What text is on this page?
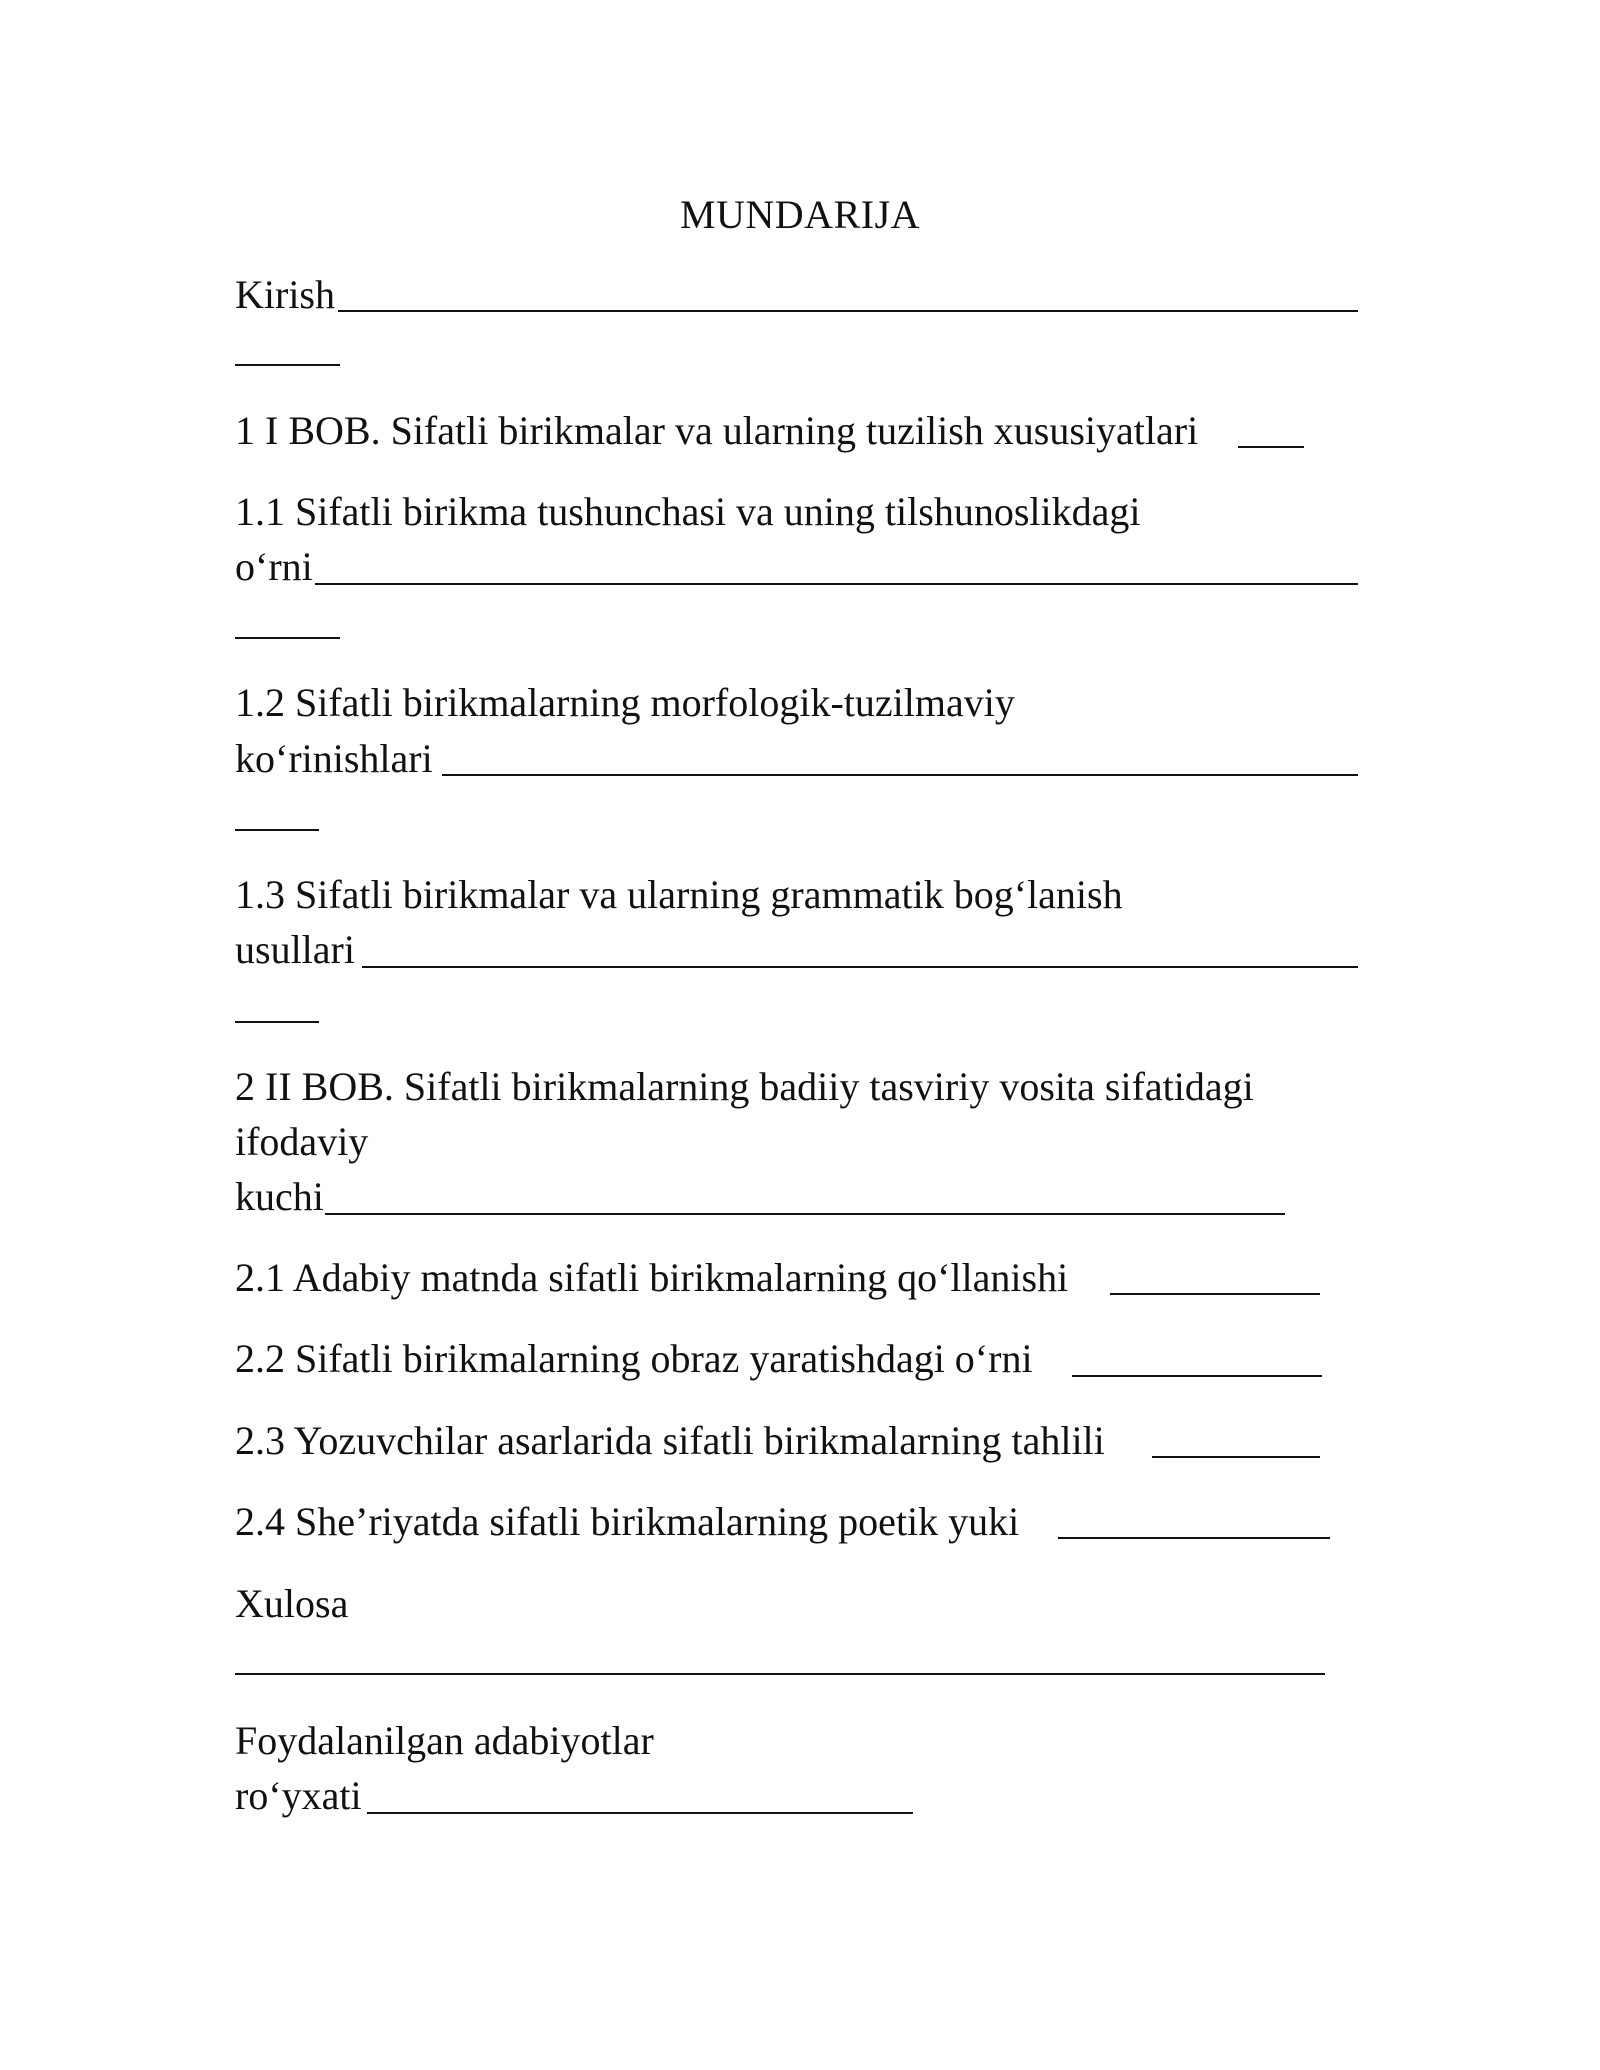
MUNDARIJA
Kirish
1 I BOB. Sifatli birikmalar va ularning tuzilish xususiyatlari
1.1 Sifatli birikma tushunchasi va uning tilshunoslikdagi
o‘rni
1.2 Sifatli birikmalarning morfologik-tuzilmaviy
ko‘rinishlari
1.3 Sifatli birikmalar va ularning grammatik bog‘lanish
usullari
2 II BOB. Sifatli birikmalarning badiiy tasviriy vosita sifatidagi
ifodaviy
kuchi
2.1 Adabiy matnda sifatli birikmalarning qo‘llanishi
2.2 Sifatli birikmalarning obraz yaratishdagi o‘rni
2.3 Yozuvchilar asarlarida sifatli birikmalarning tahlili
2.4 She’riyatda sifatli birikmalarning poetik yuki
Xulosa
Foydalanilgan adabiyotlar
ro‘yxati
